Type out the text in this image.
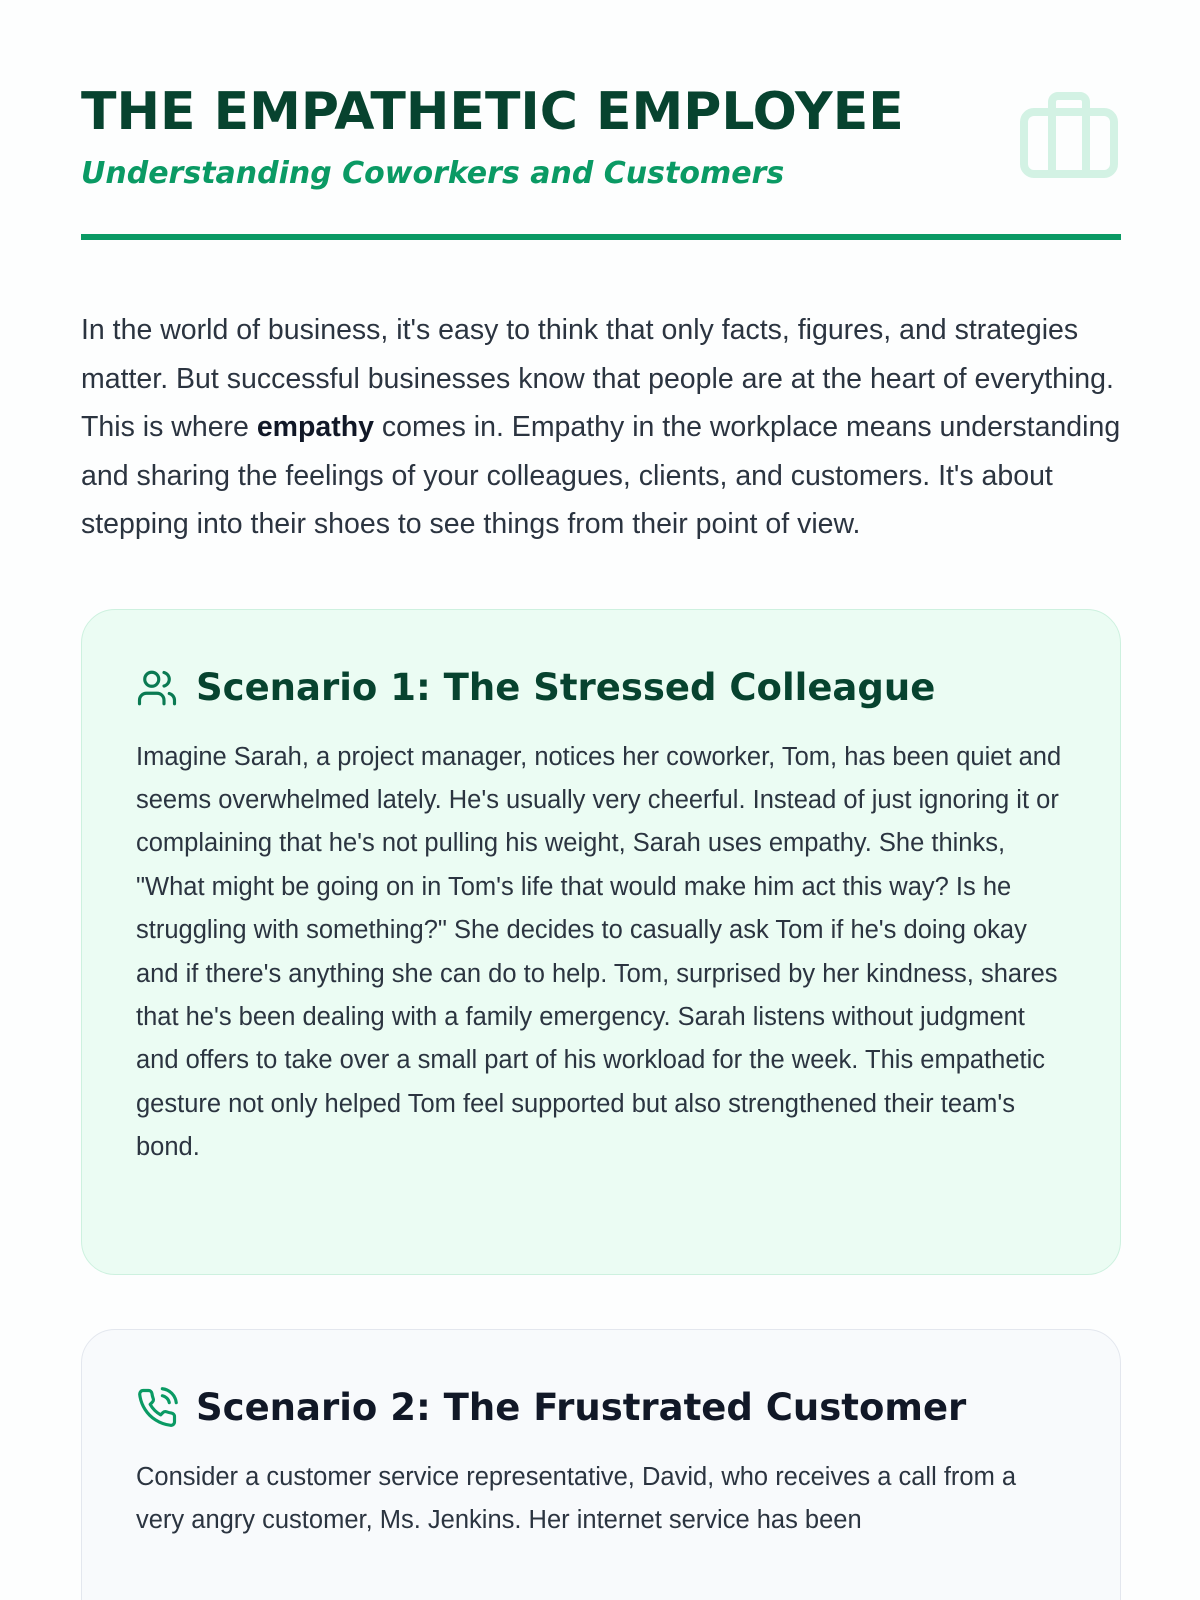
THE EMPATHETIC EMPLOYEE
Understanding Coworkers and Customers

In the world of business, it's easy to think that only facts, figures, and strategies matter. But successful businesses know that people are at the heart of everything. This is where empathy comes in. Empathy in the workplace means understanding and sharing the feelings of your colleagues, clients, and customers. It's about stepping into their shoes to see things from their point of view.

Scenario 1: The Stressed Colleague

Imagine Sarah, a project manager, notices her coworker, Tom, has been quiet and seems overwhelmed lately. He's usually very cheerful. Instead of just ignoring it or complaining that he's not pulling his weight, Sarah uses empathy. She thinks, "What might be going on in Tom's life that would make him act this way? Is he struggling with something?" She decides to casually ask Tom if he's doing okay and if there's anything she can do to help. Tom, surprised by her kindness, shares that he's been dealing with a family emergency. Sarah listens without judgment and offers to take over a small part of his workload for the week. This empathetic gesture not only helped Tom feel supported but also strengthened their team's bond.

Scenario 2: The Frustrated Customer

Consider a customer service representative, David, who receives a call from a very angry customer, Ms. Jenkins. Her internet service has been
